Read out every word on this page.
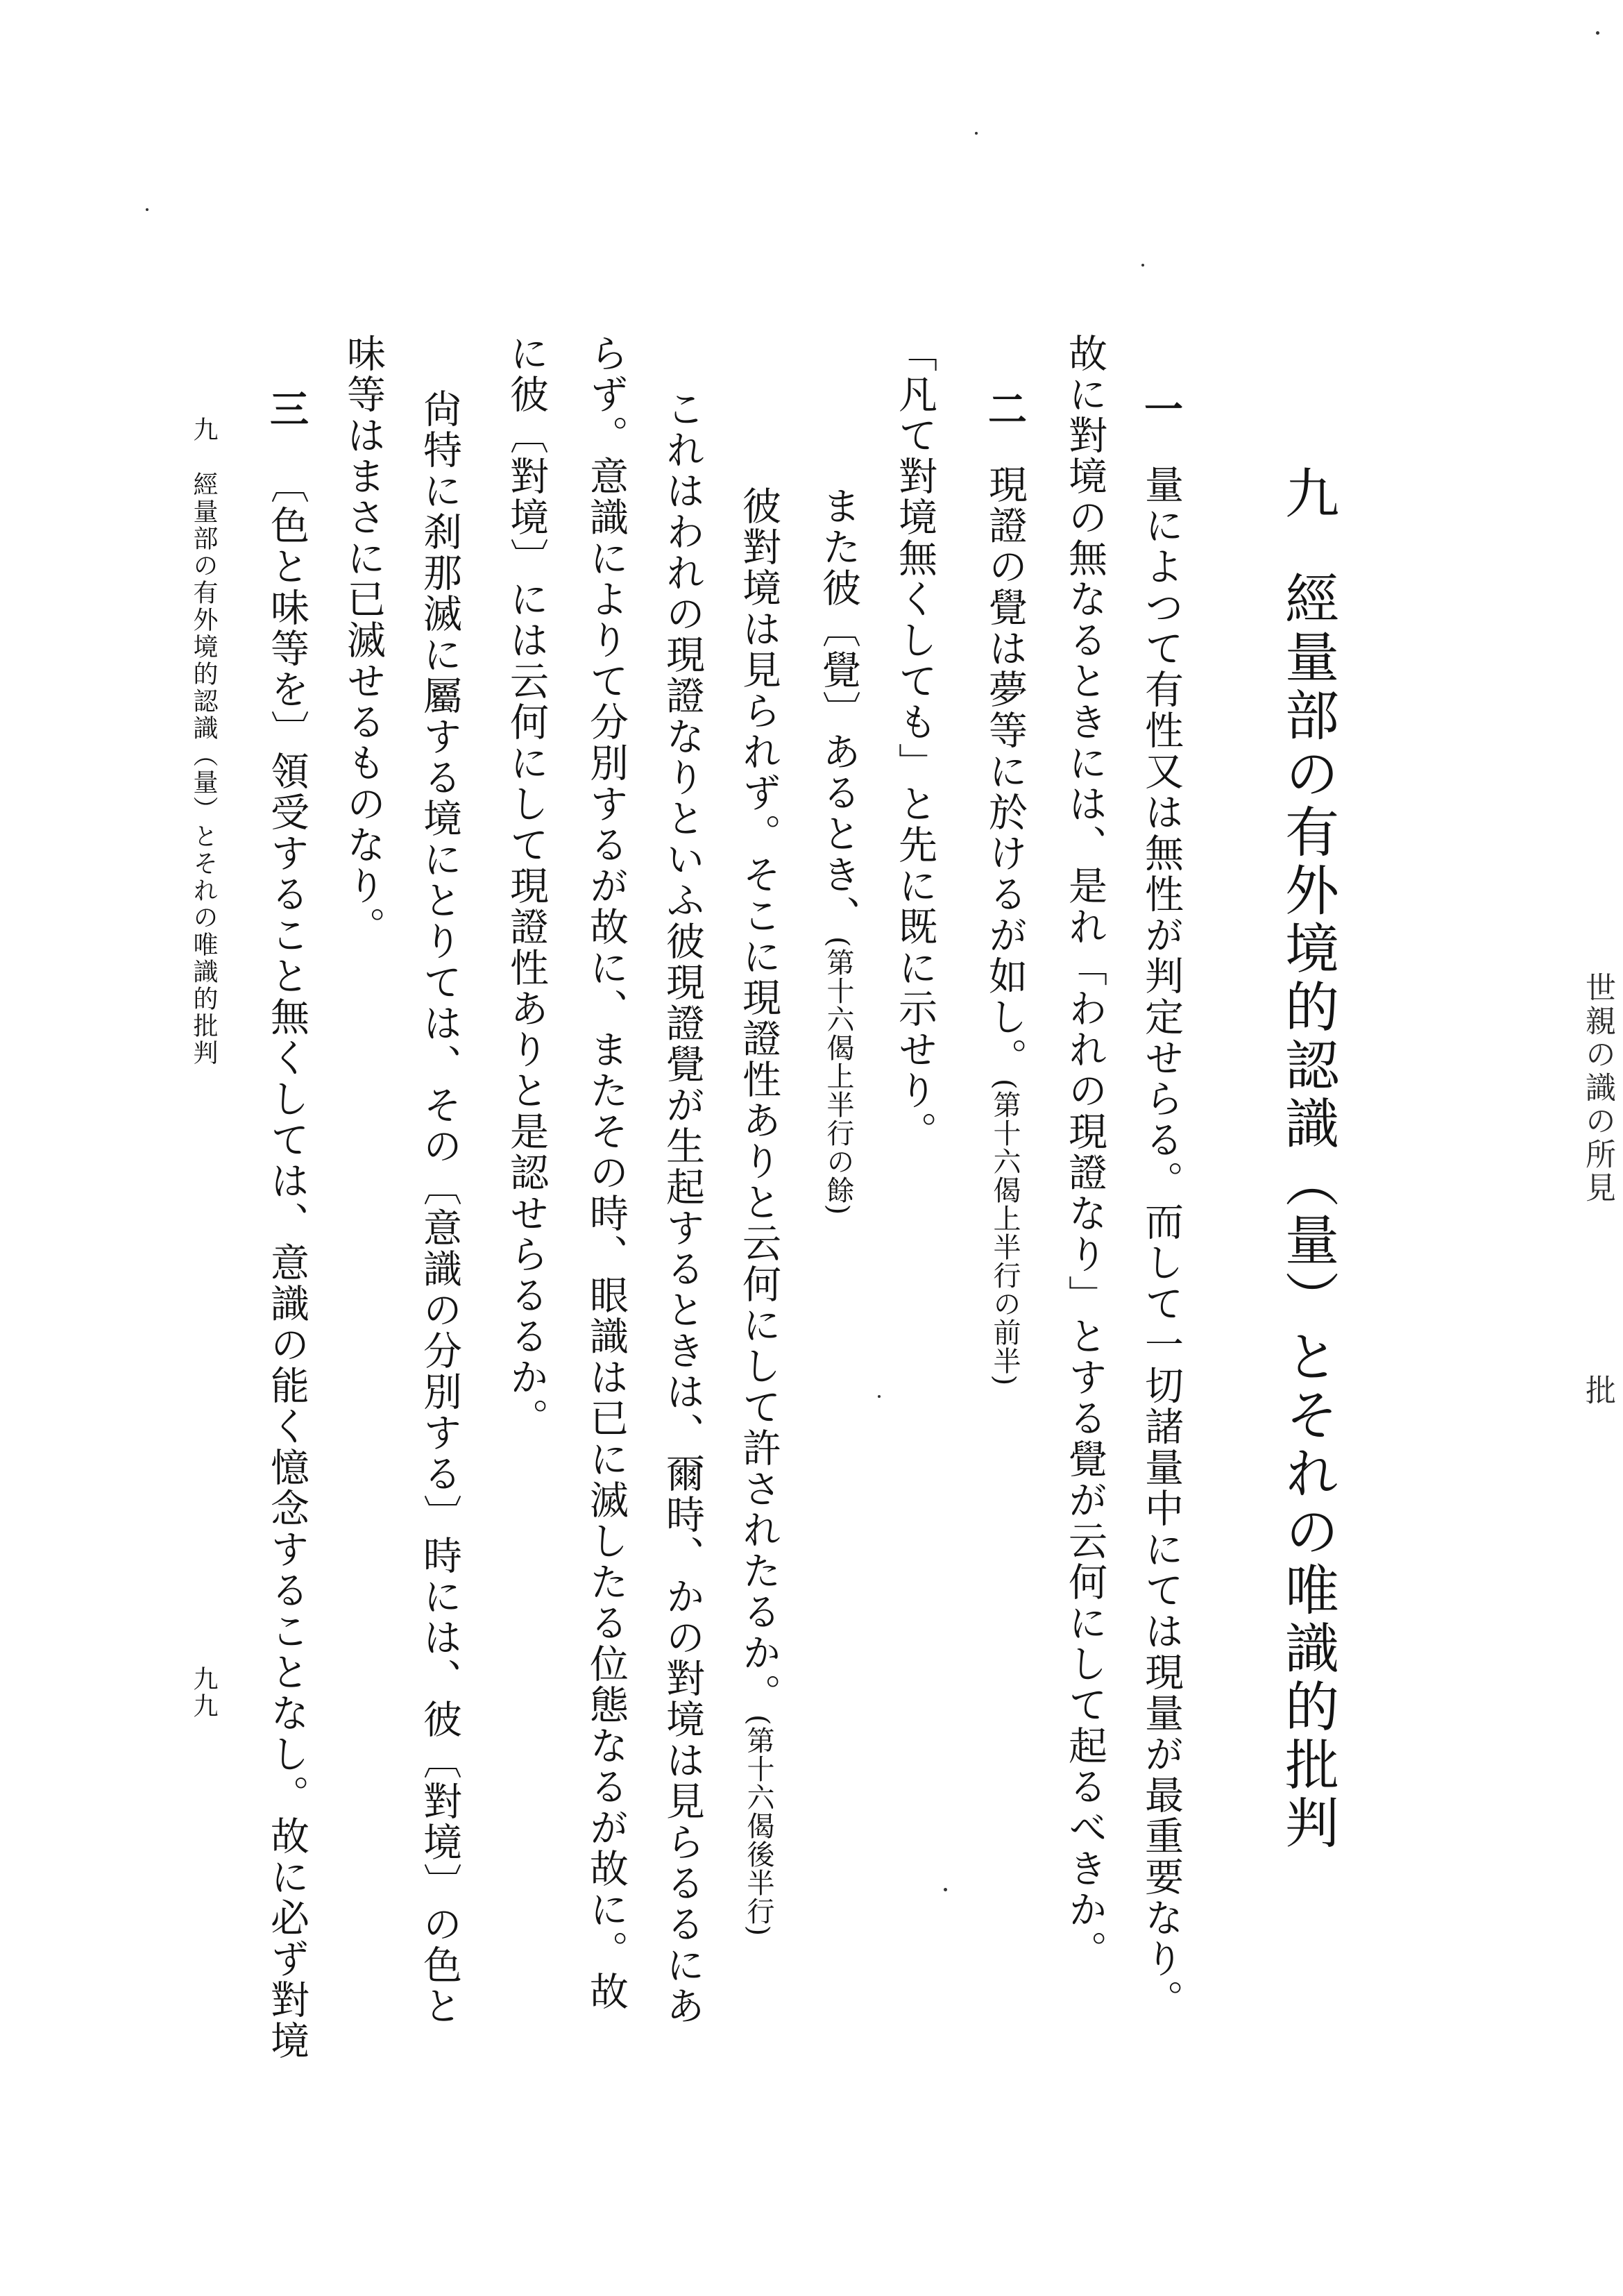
九經量部の有外境的認識（量）とそれの唯識的批判
一量によつて有性又は無性が判定せらる。而して一切諸量中にては現量が最重要なり。
故に對境の無なるときには、是れ「われの現證なり」とする覺が云何にして起るべきか。
二現證の覺は夢等に於けるが如し。(第十六偈上半行の前半)
「凡て對境無くしても」と先に既に示せり。
また彼〔覺〕あるとき、(第十六偈上半行の餘)
彼對境は見られず。そこに現證性ありと云何にして許されたるか。(第十六偈後半行)
これはわれの現證なりといふ彼現證覺が生起するときは、爾時、かの對境は見らるるにあ
らず。意識によりて分別するが故に、またその時、眼識は已に滅したる位態なるが故に。故
に彼〔對境〕には云何にして現證性ありと是認せらるるか。
尙特に刹那滅に屬する境にとりては、その〔意識の分別する〕時には、彼〔對境〕の色と
味等はまさに已滅せるものなり。
三〔色と味等を〕領受すること無くしては、意識の能く憶念することなし。故に必ず對境
九經量部の有外境的認識（量）とそれの唯識的批判
九九
世親の識の所見
批
